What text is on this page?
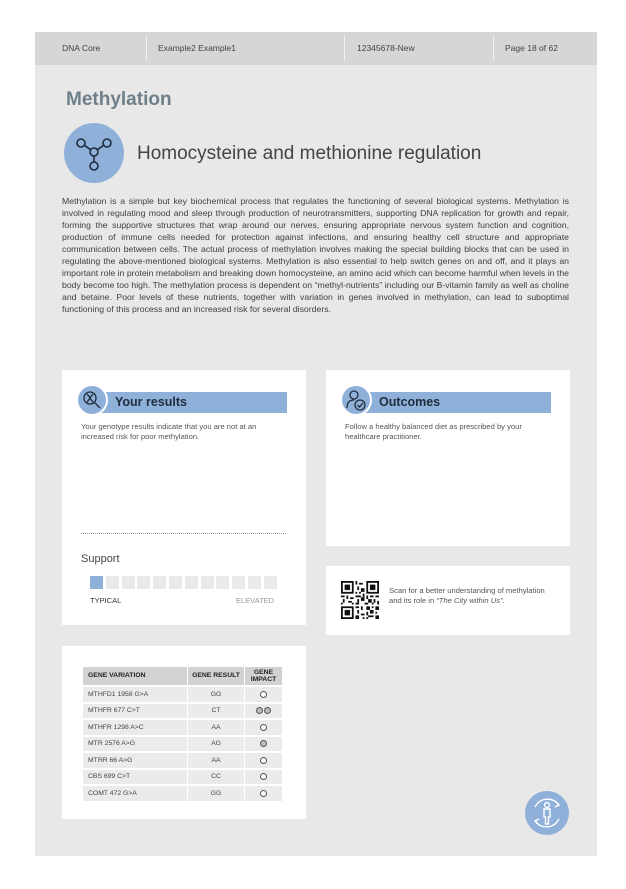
DNA Core	Example2 Example1	12345678-New	Page 18 of 62
Methylation
Homocysteine and methionine regulation

Methylation is a simple but key biochemical process that regulates the functioning of several biological systems. Methylation is involved in regulating mood and sleep through production of neurotransmitters, supporting DNA replication for growth and repair, forming the supportive structures that wrap around our nerves, ensuring appropriate nervous system function and cognition, production of immune cells needed for protection against infections, and ensuring healthy cell structure and appropriate communication between cells. The actual process of methylation involves making the special building blocks that can be used in regulating the above-mentioned biological systems. Methylation is also essential to help switch genes on and off, and it plays an important role in protein metabolism and breaking down homocysteine, an amino acid which can become harmful when levels in the body become too high. The methylation process is dependent on “methyl-nutrients” including our B-vitamin family as well as choline and betaine. Poor levels of these nutrients, together with variation in genes involved in methylation, can lead to suboptimal functioning of this process and an increased risk for several disorders.

Your results
Your genotype results indicate that you are not at an increased risk for poor methylation.
Support
TYPICAL	ELEVATED
Outcomes
Follow a healthy balanced diet as prescribed by your healthcare practitioner.
Scan for a better understanding of methylation and its role in “The City within Us”.
GENE VARIATION	GENE RESULT	GENE IMPACT
MTHFD1 1958 G>A	GG	
MTHFR 677 C>T	CT	
MTHFR 1298 A>C	AA	
MTR 2576 A>G	AG	
MTRR 66 A>G	AA	
CBS 699 C>T	CC	
COMT 472 G>A	GG	
